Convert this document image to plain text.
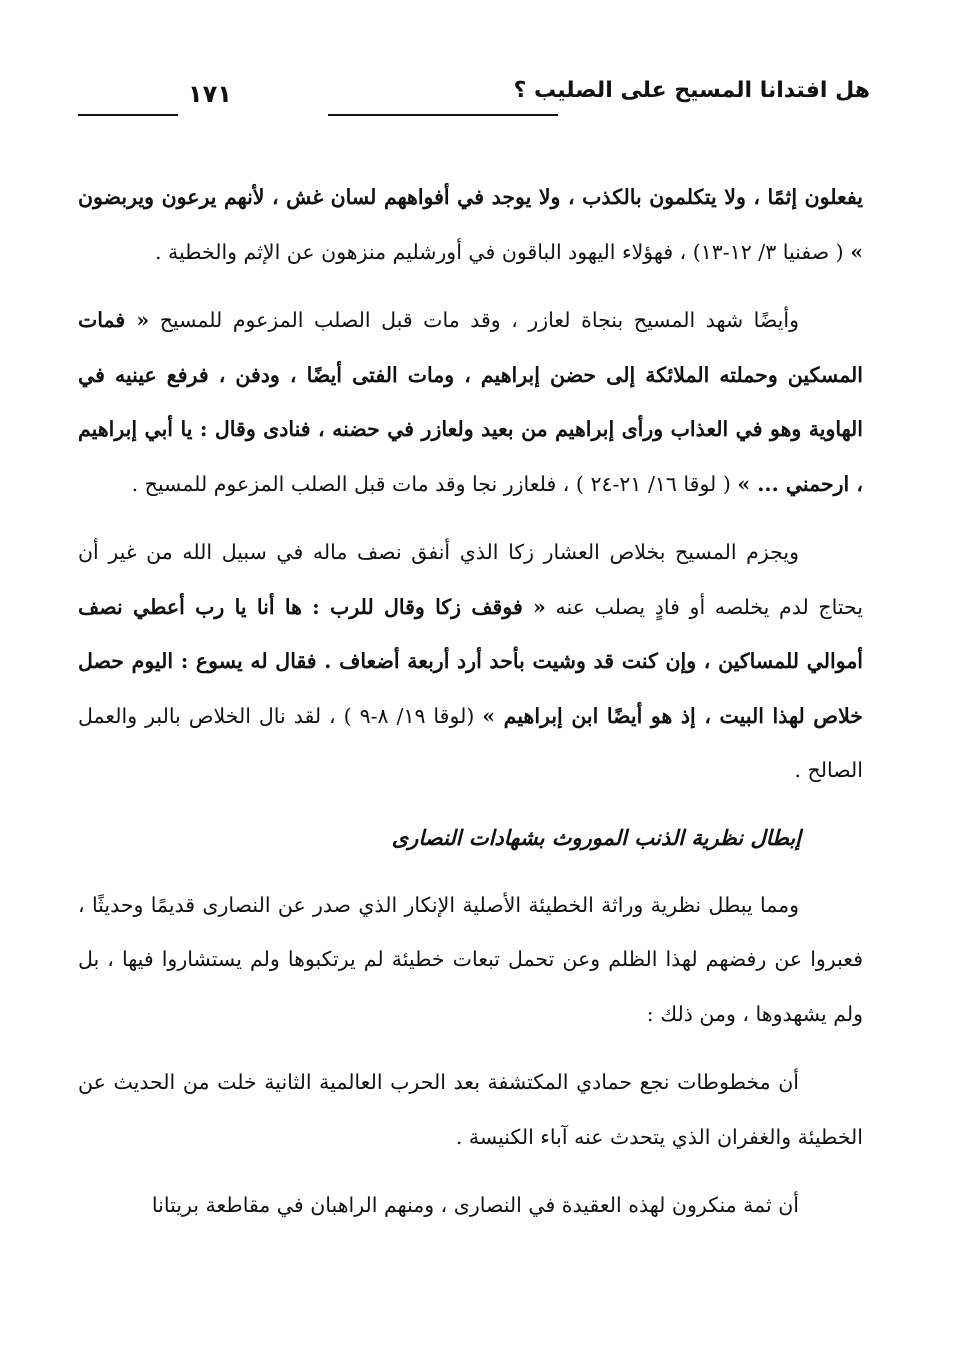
هل افتدانا المسيح على الصليب ؟
١٧١

يفعلون إثمًا ، ولا يتكلمون بالكذب ، ولا يوجد في أفواههم لسان غش ، لأنهم يرعون ويربضون » ( صفنيا ٣/ ١٢-١٣) ، فهؤلاء اليهود الباقون في أورشليم منزهون عن الإثم والخطية .

وأيضًا شهد المسيح بنجاة لعازر ، وقد مات قبل الصلب المزعوم للمسيح « فمات المسكين وحملته الملائكة إلى حضن إبراهيم ، ومات الفتى أيضًا ، ودفن ، فرفع عينيه في الهاوية وهو في العذاب ورأى إبراهيم من بعيد ولعازر في حضنه ، فنادى وقال : يا أبي إبراهيم ، ارحمني ... » ( لوقا ١٦/ ٢١-٢٤ ) ، فلعازر نجا وقد مات قبل الصلب المزعوم للمسيح .

ويجزم المسيح بخلاص العشار زكا الذي أنفق نصف ماله في سبيل الله من غير أن يحتاج لدم يخلصه أو فادٍ يصلب عنه « فوقف زكا وقال للرب : ها أنا يا رب أعطي نصف أموالي للمساكين ، وإن كنت قد وشيت بأحد أرد أربعة أضعاف . فقال له يسوع : اليوم حصل خلاص لهذا البيت ، إذ هو أيضًا ابن إبراهيم » (لوقا ١٩/ ٨-٩ ) ، لقد نال الخلاص بالبر والعمل الصالح .

إبطال نظرية الذنب الموروث بشهادات النصارى

ومما يبطل نظرية وراثة الخطيئة الأصلية الإنكار الذي صدر عن النصارى قديمًا وحديثًا ، فعبروا عن رفضهم لهذا الظلم وعن تحمل تبعات خطيئة لم يرتكبوها ولم يستشاروا فيها ، بل ولم يشهدوها ، ومن ذلك :

أن مخطوطات نجع حمادي المكتشفة بعد الحرب العالمية الثانية خلت من الحديث عن الخطيئة والغفران الذي يتحدث عنه آباء الكنيسة .

أن ثمة منكرون لهذه العقيدة في النصارى ، ومنهم الراهبان في مقاطعة بريتانا
